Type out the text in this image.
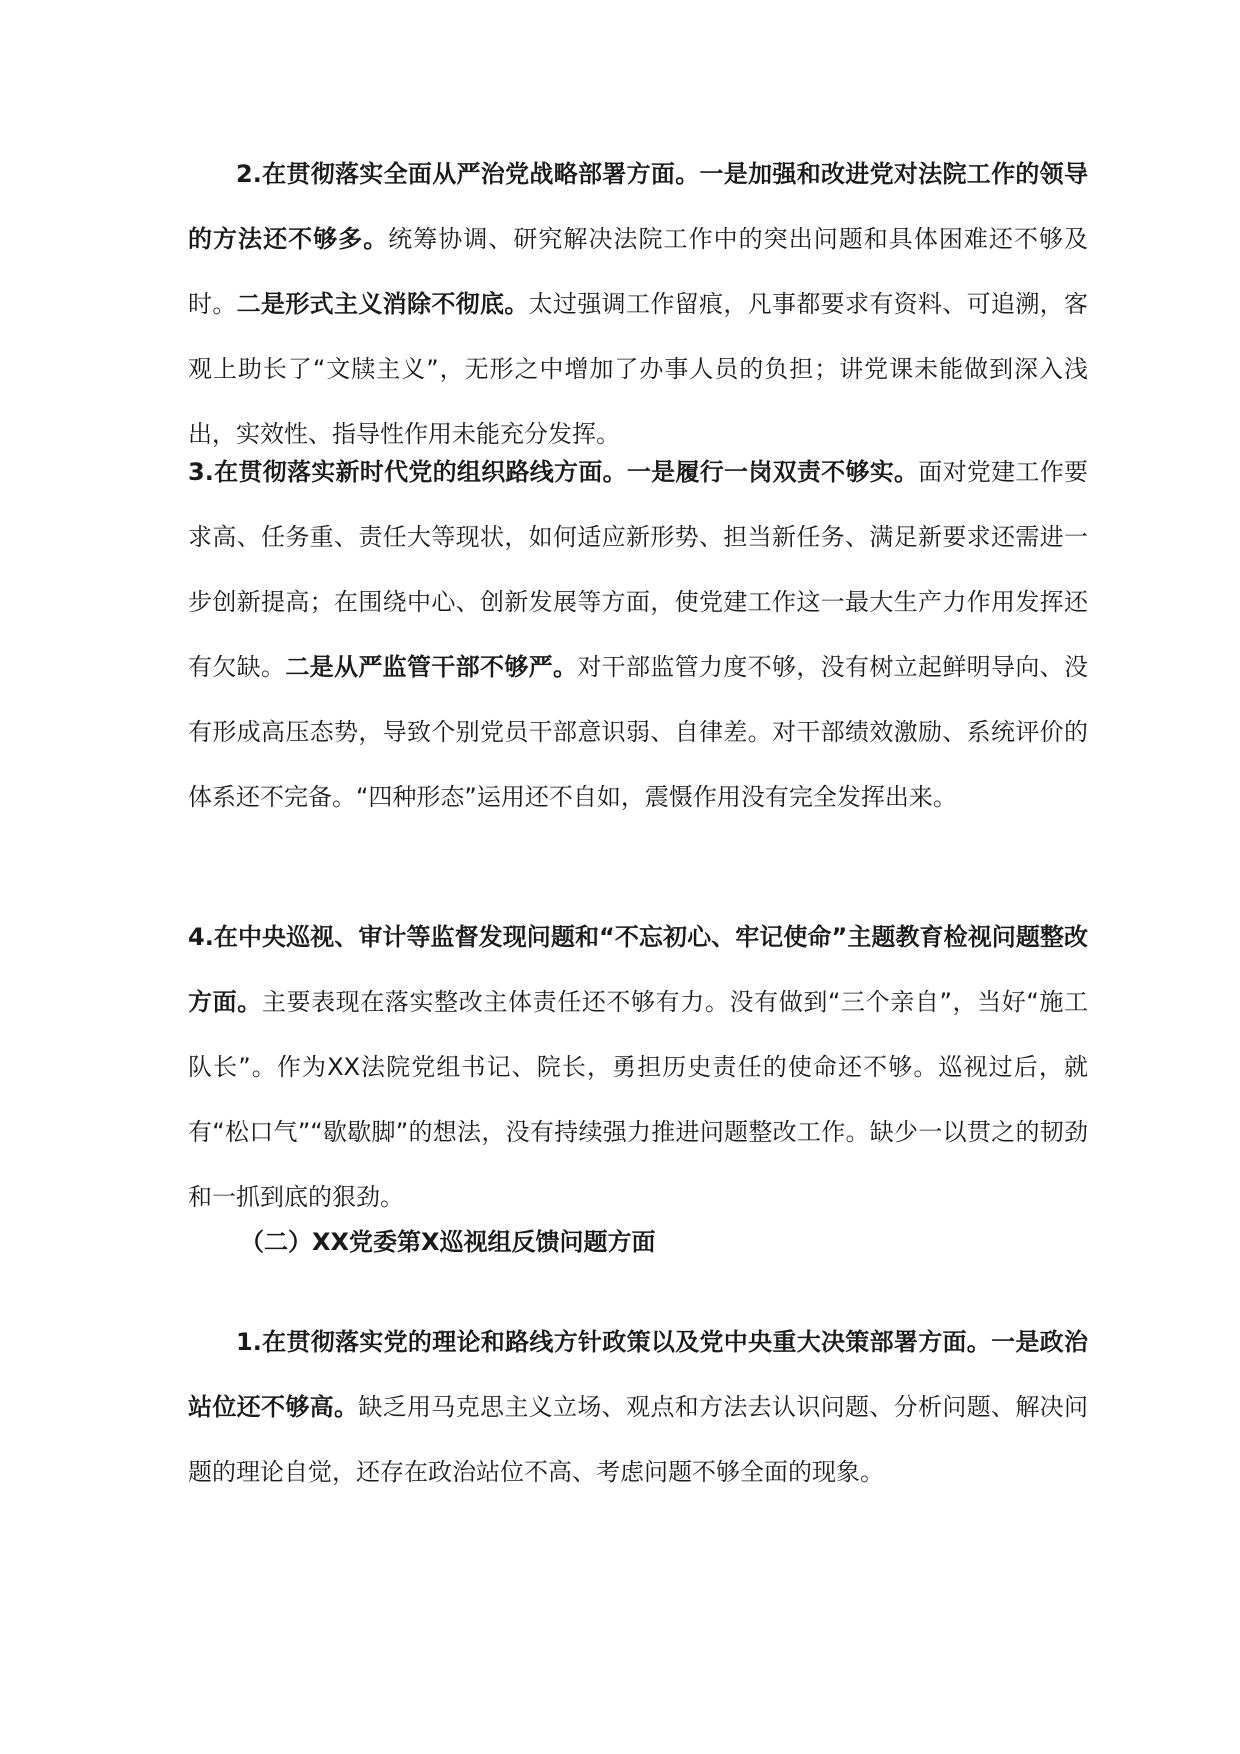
2.在贯彻落实全面从严治党战略部署方面。一是加强和改进党对法院工作的领导的方法还不够多。统筹协调、研究解决法院工作中的突出问题和具体困难还不够及时。二是形式主义消除不彻底。太过强调工作留痕，凡事都要求有资料、可追溯，客观上助长了“文牍主义”，无形之中增加了办事人员的负担；讲党课未能做到深入浅出，实效性、指导性作用未能充分发挥。

3.在贯彻落实新时代党的组织路线方面。一是履行一岗双责不够实。面对党建工作要求高、任务重、责任大等现状，如何适应新形势、担当新任务、满足新要求还需进一步创新提高；在围绕中心、创新发展等方面，使党建工作这一最大生产力作用发挥还有欠缺。二是从严监管干部不够严。对干部监管力度不够，没有树立起鲜明导向、没有形成高压态势，导致个别党员干部意识弱、自律差。对干部绩效激励、系统评价的体系还不完备。“四种形态”运用还不自如，震慑作用没有完全发挥出来。

4.在中央巡视、审计等监督发现问题和“不忘初心、牢记使命”主题教育检视问题整改方面。主要表现在落实整改主体责任还不够有力。没有做到“三个亲自”，当好“施工队长”。作为XX法院党组书记、院长，勇担历史责任的使命还不够。巡视过后，就有“松口气”“歇歇脚”的想法，没有持续强力推进问题整改工作。缺少一以贯之的韧劲和一抓到底的狠劲。

（二）XX党委第X巡视组反馈问题方面

1.在贯彻落实党的理论和路线方针政策以及党中央重大决策部署方面。一是政治站位还不够高。缺乏用马克思主义立场、观点和方法去认识问题、分析问题、解决问题的理论自觉，还存在政治站位不高、考虑问题不够全面的现象。
